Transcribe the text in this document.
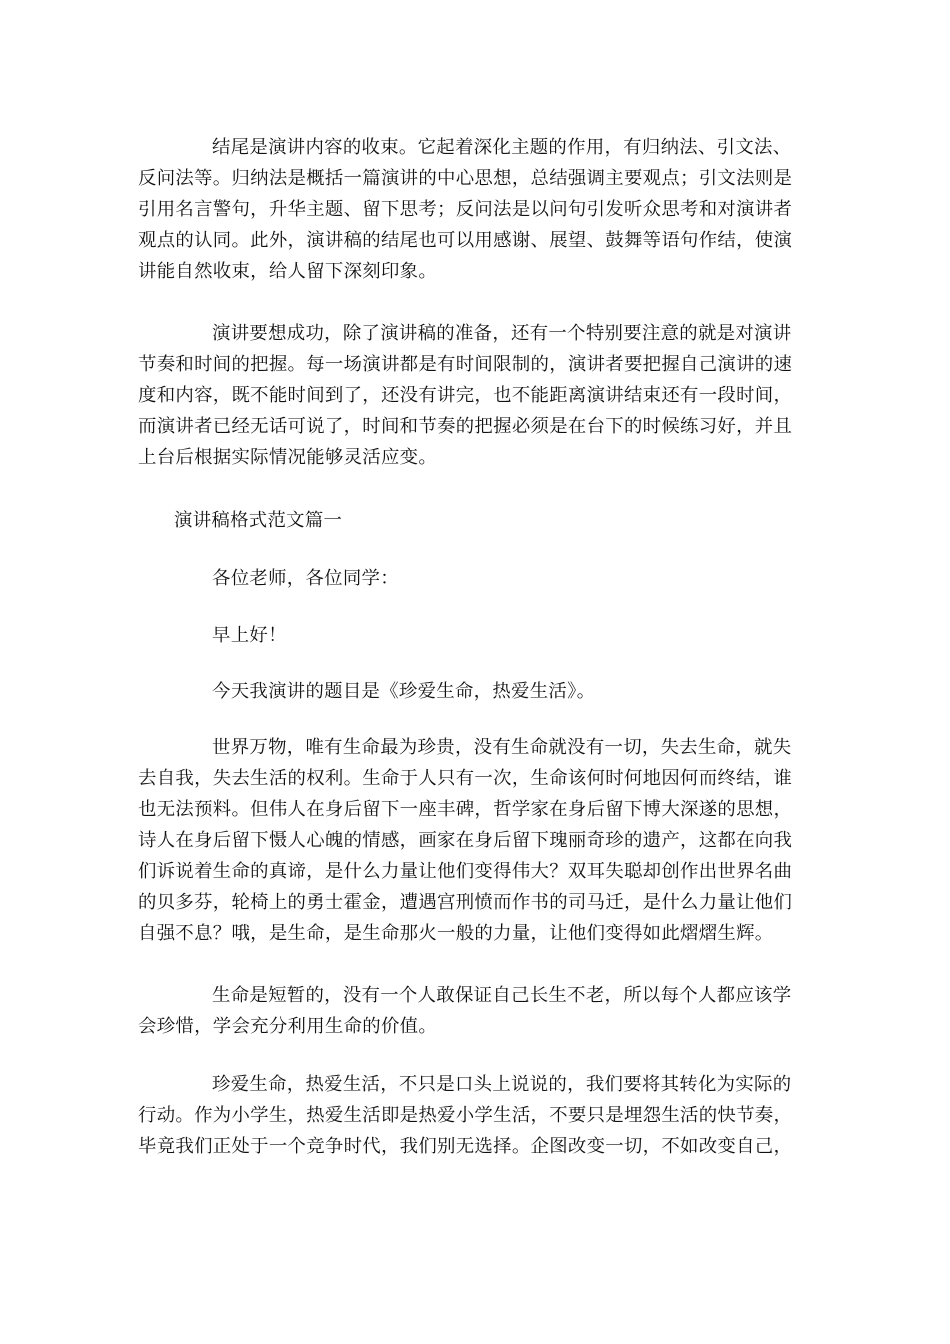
结尾是演讲内容的收束。它起着深化主题的作用，有归纳法、引文法、
反问法等。归纳法是概括一篇演讲的中心思想，总结强调主要观点；引文法则是
引用名言警句，升华主题、留下思考；反问法是以问句引发听众思考和对演讲者
观点的认同。此外，演讲稿的结尾也可以用感谢、展望、鼓舞等语句作结，使演
讲能自然收束，给人留下深刻印象。

演讲要想成功，除了演讲稿的准备，还有一个特别要注意的就是对演讲
节奏和时间的把握。每一场演讲都是有时间限制的，演讲者要把握自己演讲的速
度和内容，既不能时间到了，还没有讲完，也不能距离演讲结束还有一段时间，
而演讲者已经无话可说了，时间和节奏的把握必须是在台下的时候练习好，并且
上台后根据实际情况能够灵活应变。

演讲稿格式范文篇一

各位老师，各位同学：

早上好！

今天我演讲的题目是《珍爱生命，热爱生活》。

世界万物，唯有生命最为珍贵，没有生命就没有一切，失去生命，就失
去自我，失去生活的权利。生命于人只有一次，生命该何时何地因何而终结，谁
也无法预料。但伟人在身后留下一座丰碑，哲学家在身后留下博大深遂的思想，
诗人在身后留下慑人心魄的情感，画家在身后留下瑰丽奇珍的遗产，这都在向我
们诉说着生命的真谛，是什么力量让他们变得伟大？双耳失聪却创作出世界名曲
的贝多芬，轮椅上的勇士霍金，遭遇宫刑愤而作书的司马迁，是什么力量让他们
自强不息？哦，是生命，是生命那火一般的力量，让他们变得如此熠熠生辉。

生命是短暂的，没有一个人敢保证自己长生不老，所以每个人都应该学
会珍惜，学会充分利用生命的价值。

珍爱生命，热爱生活，不只是口头上说说的，我们要将其转化为实际的
行动。作为小学生，热爱生活即是热爱小学生活，不要只是埋怨生活的快节奏，
毕竟我们正处于一个竞争时代，我们别无选择。企图改变一切，不如改变自己，
